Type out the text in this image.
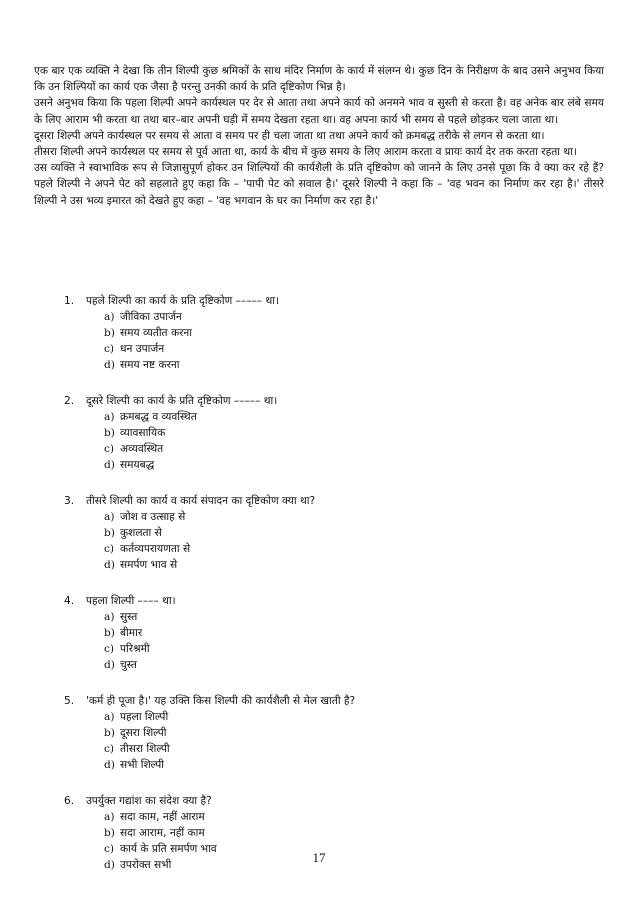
एक बार एक व्यक्ति ने देखा कि तीन शिल्पी कुछ श्रमिकों के साथ मंदिर निर्माण के कार्य में संलग्न थे। कुछ दिन के निरीक्षण के बाद उसने अनुभव किया कि उन शिल्पियों का कार्य एक जैसा है परन्तु उनकी कार्य के प्रति दृष्टिकोण भिन्न है।

उसने अनुभव किया कि पहला शिल्पी अपने कार्यस्थल पर देर से आता तथा अपने कार्य को अनमने भाव व सुस्ती से करता है। वह अनेक बार लंबे समय के लिए आराम भी करता था तथा बार–बार अपनी घड़ी में समय देखता रहता था। वह अपना कार्य भी समय से पहले छोड़कर चला जाता था।

दूसरा शिल्पी अपने कार्यस्थल पर समय से आता व समय पर ही चला जाता था तथा अपने कार्य को क्रमबद्ध तरीके से लगन से करता था।

तीसरा शिल्पी अपने कार्यस्थल पर समय से पूर्व आता था, कार्य के बीच में कुछ समय के लिए आराम करता व प्रायः कार्य देर तक करता रहता था।

उस व्यक्ति ने स्वाभाविक रूप से जिज्ञासुपूर्ण होकर उन शिल्पियों की कार्यशैली के प्रति दृष्टिकोण को जानने के लिए उनसे पूछा कि वे क्या कर रहे हैं? पहले शिल्पी ने अपने पेट को सहलाते हुए कहा कि – 'पापी पेट को सवाल है।' दूसरे शिल्पी ने कहा कि – 'वह भवन का निर्माण कर रहा है।' तीसरे शिल्पी ने उस भव्य इमारत को देखते हुए कहा – 'वह भगवान के घर का निर्माण कर रहा है।'

1.	पहले शिल्पी का कार्य के प्रति दृष्टिकोण ––––– था।
a) जीविका उपार्जन
b) समय व्यतीत करना
c) धन उपार्जन
d) समय नष्ट करना
2.	दूसरे शिल्पी का कार्य के प्रति दृष्टिकोण ––––– था।
a) क्रमबद्ध व व्यवस्थित
b) व्यावसायिक
c) अव्यवस्थित
d) समयबद्ध
3.	तीसरे शिल्पी का कार्य व कार्य संपादन का दृष्टिकोण क्या था?
a) जोश व उत्साह से
b) कुशलता से
c) कर्तव्यपरायणता से
d) समर्पण भाव से
4.	पहला शिल्पी –––– था।
a) सुस्त
b) बीमार
c) परिश्रमी
d) चुस्त
5.	'कर्म ही पूजा है।' यह उक्ति किस शिल्पी की कार्यशैली से मेल खाती है?
a) पहला शिल्पी
b) दूसरा शिल्पी
c) तीसरा शिल्पी
d) सभी शिल्पी
6.	उपर्युक्त गद्यांश का संदेश क्या है?
a) सदा काम, नहीं आराम
b) सदा आराम, नहीं काम
c) कार्य के प्रति समर्पण भाव
d) उपरोक्त सभी	17
